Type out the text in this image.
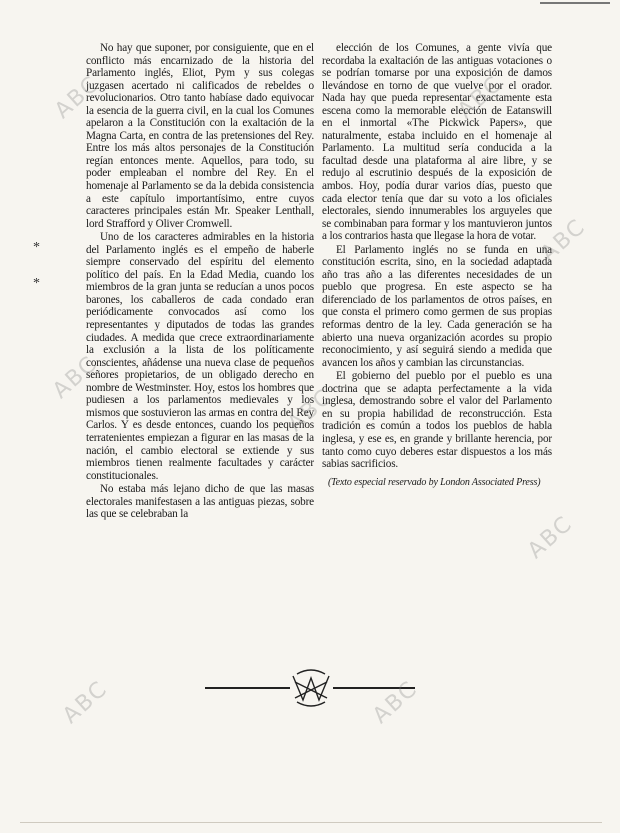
No hay que suponer, por consiguiente, que en el conflicto más encarnizado de la historia del Parlamento inglés, Eliot, Pym y sus colegas juzgasen acertado ni calificados de rebeldes o revolucionarios. Otro tanto habíase dado equivocar la esencia de la guerra civil, en la cual los Comunes apelaron a la Constitución con la exaltación de la Magna Carta, en contra de las pretensiones del Rey. Entre los más altos personajes de la Constitución regían entonces mente. Aquellos, para todo, su poder empleaban el nombre del Rey. En el homenaje al Parlamento se da la debida consistencia a este capítulo importantísimo, entre cuyos caracteres principales están Mr. Speaker Lenthall, lord Strafford y Oliver Cromwell.

Uno de los caracteres admirables en la historia del Parlamento inglés es el empeño de haberle siempre conservado del espíritu del elemento político del país. En la Edad Media, cuando los miembros de la gran junta se reducían a unos pocos barones, los caballeros de cada condado eran periódicamente convocados así como los representantes y diputados de todas las grandes ciudades. A medida que crece extraordinariamente la exclusión a la lista de los políticamente conscientes, añádense una nueva clase de pequeños señores propietarios, de un obligado derecho en nombre de Westminster. Hoy, estos los hombres que pudiesen a los parlamentos medievales y los mismos que sostuvieron las armas en contra del Rey Carlos. Y es desde entonces, cuando los pequeños terratenientes empiezan a figurar en las masas de la nación, el cambio electoral se extiende y sus miembros tienen realmente facultades y carácter constitucionales.

No estaba más lejano dicho de que las masas electorales manifestasen a las antiguas piezas, sobre las que se celebraban la

elección de los Comunes, a gente vivía que recordaba la exaltación de las antiguas votaciones o se podrían tomarse por una exposición de damos llevándose en torno de que vuelve por el orador. Nada hay que pueda representar exactamente esta escena como la memorable elección de Eatanswill en el inmortal «The Pickwick Papers», que naturalmente, estaba incluido en el homenaje al Parlamento. La multitud sería conducida a la facultad desde una plataforma al aire libre, y se redujo al escrutinio después de la exposición de ambos. Hoy, podía durar varios días, puesto que cada elector tenía que dar su voto a los oficiales electorales, siendo innumerables los arguyeles que se combinaban para formar y los mantuvieron juntos a los contrarios hasta que llegase la hora de votar.

El Parlamento inglés no se funda en una constitución escrita, sino, en la sociedad adaptada año tras año a las diferentes necesidades de un pueblo que progresa. En este aspecto se ha diferenciado de los parlamentos de otros países, en que consta el primero como germen de sus propias reformas dentro de la ley. Cada generación se ha abierto una nueva organización acordes su propio reconocimiento, y así seguirá siendo a medida que avancen los años y cambian las circunstancias.

El gobierno del pueblo por el pueblo es una doctrina que se adapta perfectamente a la vida inglesa, demostrando sobre el valor del Parlamento en su propia habilidad de reconstrucción. Esta tradición es común a todos los pueblos de habla inglesa, y ese es, en grande y brillante herencia, por tanto como cuyo deberes estar dispuestos a los más sabias sacrificios.

(Texto especial reservado by London Associated Press)

*
*
ABC	ABC
ABC
ABC
ABC
ABC
ABC	ABC
